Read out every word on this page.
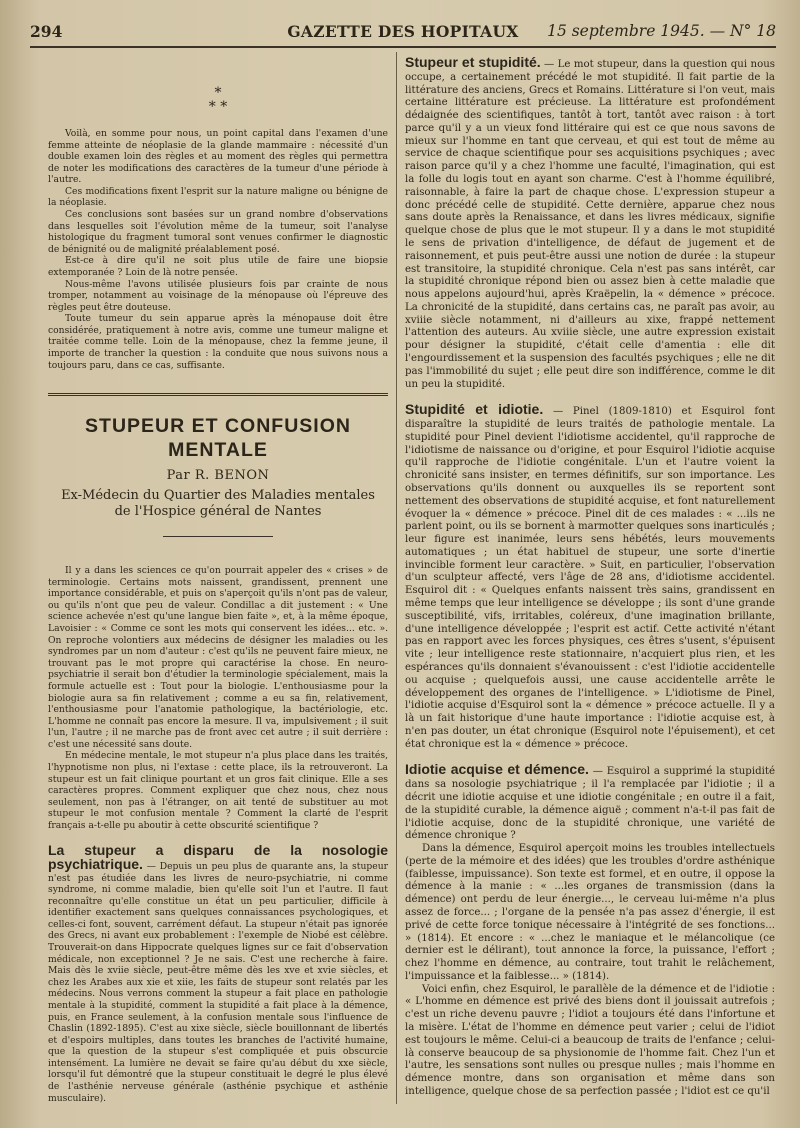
294	GAZETTE DES HOPITAUX	15 septembre 1945. — N° 18
*
* *

Voilà, en somme pour nous, un point capital dans l'examen d'une femme atteinte de néoplasie de la glande mammaire : nécessité d'un double examen loin des règles et au moment des règles qui permettra de noter les modifications des caractères de la tumeur d'une période à l'autre.

Ces modifications fixent l'esprit sur la nature maligne ou bénigne de la néoplasie.

Ces conclusions sont basées sur un grand nombre d'observations dans lesquelles soit l'évolution même de la tumeur, soit l'analyse histologique du fragment tumoral sont venues confirmer le diagnostic de bénignité ou de malignité préalablement posé.

Est-ce à dire qu'il ne soit plus utile de faire une biopsie extemporanée ? Loin de là notre pensée.

Nous-même l'avons utilisée plusieurs fois par crainte de nous tromper, notamment au voisinage de la ménopause où l'épreuve des règles peut être douteuse.

Toute tumeur du sein apparue après la ménopause doit être considérée, pratiquement à notre avis, comme une tumeur maligne et traitée comme telle. Loin de la ménopause, chez la femme jeune, il importe de trancher la question : la conduite que nous suivons nous a toujours paru, dans ce cas, suffisante.

STUPEUR ET CONFUSION MENTALE
Par R. BENON
Ex-Médecin du Quartier des Maladies mentales
de l'Hospice général de Nantes

Il y a dans les sciences ce qu'on pourrait appeler des « crises » de terminologie. Certains mots naissent, grandissent, prennent une importance considérable, et puis on s'aperçoit qu'ils n'ont pas de valeur, ou qu'ils n'ont que peu de valeur. Condillac a dit justement : « Une science achevée n'est qu'une langue bien faite », et, à la même époque, Lavoisier : « Comme ce sont les mots qui conservent les idées... etc. ». On reproche volontiers aux médecins de désigner les maladies ou les syndromes par un nom d'auteur : c'est qu'ils ne peuvent faire mieux, ne trouvant pas le mot propre qui caractérise la chose. En neuro-psychiatrie il serait bon d'étudier la terminologie spécialement, mais la formule actuelle est : Tout pour la biologie. L'enthousiasme pour la biologie aura sa fin relativement ; comme a eu sa fin, relativement, l'enthousiasme pour l'anatomie pathologique, la bactériologie, etc. L'homme ne connaît pas encore la mesure. Il va, impulsivement ; il suit l'un, l'autre ; il ne marche pas de front avec cet autre ; il suit derrière : c'est une nécessité sans doute.

En médecine mentale, le mot stupeur n'a plus place dans les traités, l'hypnotisme non plus, ni l'extase : cette place, ils la retrouveront. La stupeur est un fait clinique pourtant et un gros fait clinique. Elle a ses caractères propres. Comment expliquer que chez nous, chez nous seulement, non pas à l'étranger, on ait tenté de substituer au mot stupeur le mot confusion mentale ? Comment la clarté de l'esprit français a-t-elle pu aboutir à cette obscurité scientifique ?

La stupeur a disparu de la nosologie psychiatrique. — Depuis un peu plus de quarante ans, la stupeur n'est pas étudiée dans les livres de neuro-psychiatrie, ni comme syndrome, ni comme maladie, bien qu'elle soit l'un et l'autre. Il faut reconnaître qu'elle constitue un état un peu particulier, difficile à identifier exactement sans quelques connaissances psychologiques, et celles-ci font, souvent, carrément défaut. La stupeur n'était pas ignorée des Grecs, ni avant eux probablement : l'exemple de Niobé est célèbre. Trouverait-on dans Hippocrate quelques lignes sur ce fait d'observation médicale, non exceptionnel ? Je ne sais. C'est une recherche à faire. Mais dès le xviie siècle, peut-être même dès les xve et xvie siècles, et chez les Arabes aux xie et xiie, les faits de stupeur sont relatés par les médecins. Nous verrons comment la stupeur a fait place en pathologie mentale à la stupidité, comment la stupidité a fait place à la démence, puis, en France seulement, à la confusion mentale sous l'influence de Chaslin (1892-1895). C'est au xixe siècle, siècle bouillonnant de libertés et d'espoirs multiples, dans toutes les branches de l'activité humaine, que la question de la stupeur s'est compliquée et puis obscurcie intensément. La lumière ne devait se faire qu'au début du xxe siècle, lorsqu'il fut démontré que la stupeur constituait le degré le plus élevé de l'asthénie nerveuse générale (asthénie psychique et asthénie musculaire).

Stupeur et stupidité. — Le mot stupeur, dans la question qui nous occupe, a certainement précédé le mot stupidité. Il fait partie de la littérature des anciens, Grecs et Romains. Littérature si l'on veut, mais certaine littérature est précieuse. La littérature est profondément dédaignée des scientifiques, tantôt à tort, tantôt avec raison : à tort parce qu'il y a un vieux fond littéraire qui est ce que nous savons de mieux sur l'homme en tant que cerveau, et qui est tout de même au service de chaque scientifique pour ses acquisitions psychiques ; avec raison parce qu'il y a chez l'homme une faculté, l'imagination, qui est la folle du logis tout en ayant son charme. C'est à l'homme équilibré, raisonnable, à faire la part de chaque chose. L'expression stupeur a donc précédé celle de stupidité. Cette dernière, apparue chez nous sans doute après la Renaissance, et dans les livres médicaux, signifie quelque chose de plus que le mot stupeur. Il y a dans le mot stupidité le sens de privation d'intelligence, de défaut de jugement et de raisonnement, et puis peut-être aussi une notion de durée : la stupeur est transitoire, la stupidité chronique. Cela n'est pas sans intérêt, car la stupidité chronique répond bien ou assez bien à cette maladie que nous appelons aujourd'hui, après Kraëpelin, la « démence » précoce. La chronicité de la stupidité, dans certains cas, ne paraît pas avoir, au xviiie siècle notamment, ni d'ailleurs au xixe, frappé nettement l'attention des auteurs. Au xviiie siècle, une autre expression existait pour désigner la stupidité, c'était celle d'amentia : elle dit l'engourdissement et la suspension des facultés psychiques ; elle ne dit pas l'immobilité du sujet ; elle peut dire son indifférence, comme le dit un peu la stupidité.

Stupidité et idiotie. — Pinel (1809-1810) et Esquirol font disparaître la stupidité de leurs traités de pathologie mentale. La stupidité pour Pinel devient l'idiotisme accidentel, qu'il rapproche de l'idiotisme de naissance ou d'origine, et pour Esquirol l'idiotie acquise qu'il rapproche de l'idiotie congénitale. L'un et l'autre voient la chronicité sans insister, en termes définitifs, sur son importance. Les observations qu'ils donnent ou auxquelles ils se reportent sont nettement des observations de stupidité acquise, et font naturellement évoquer la « démence » précoce. Pinel dit de ces malades : « ...ils ne parlent point, ou ils se bornent à marmotter quelques sons inarticulés ; leur figure est inanimée, leurs sens hébétés, leurs mouvements automatiques ; un état habituel de stupeur, une sorte d'inertie invincible forment leur caractère. » Suit, en particulier, l'observation d'un sculpteur affecté, vers l'âge de 28 ans, d'idiotisme accidentel. Esquirol dit : « Quelques enfants naissent très sains, grandissent en même temps que leur intelligence se développe ; ils sont d'une grande susceptibilité, vifs, irritables, coléreux, d'une imagination brillante, d'une intelligence développée ; l'esprit est actif. Cette activité n'étant pas en rapport avec les forces physiques, ces êtres s'usent, s'épuisent vite ; leur intelligence reste stationnaire, n'acquiert plus rien, et les espérances qu'ils donnaient s'évanouissent : c'est l'idiotie accidentelle ou acquise ; quelquefois aussi, une cause accidentelle arrête le développement des organes de l'intelligence. » L'idiotisme de Pinel, l'idiotie acquise d'Esquirol sont la « démence » précoce actuelle. Il y a là un fait historique d'une haute importance : l'idiotie acquise est, à n'en pas douter, un état chronique (Esquirol note l'épuisement), et cet état chronique est la « démence » précoce.

Idiotie acquise et démence. — Esquirol a supprimé la stupidité dans sa nosologie psychiatrique ; il l'a remplacée par l'idiotie ; il a décrit une idiotie acquise et une idiotie congénitale ; en outre il a fait, de la stupidité curable, la démence aiguë ; comment n'a-t-il pas fait de l'idiotie acquise, donc de la stupidité chronique, une variété de démence chronique ?

Dans la démence, Esquirol aperçoit moins les troubles intellectuels (perte de la mémoire et des idées) que les troubles d'ordre asthénique (faiblesse, impuissance). Son texte est formel, et en outre, il oppose la démence à la manie : « ...les organes de transmission (dans la démence) ont perdu de leur énergie..., le cerveau lui-même n'a plus assez de force... ; l'organe de la pensée n'a pas assez d'énergie, il est privé de cette force tonique nécessaire à l'intégrité de ses fonctions... » (1814). Et encore : « ...chez le maniaque et le mélancolique (ce dernier est le délirant), tout annonce la force, la puissance, l'effort ; chez l'homme en démence, au contraire, tout trahit le relâchement, l'impuissance et la faiblesse... » (1814).

Voici enfin, chez Esquirol, le parallèle de la démence et de l'idiotie : « L'homme en démence est privé des biens dont il jouissait autrefois ; c'est un riche devenu pauvre ; l'idiot a toujours été dans l'infortune et la misère. L'état de l'homme en démence peut varier ; celui de l'idiot est toujours le même. Celui-ci a beaucoup de traits de l'enfance ; celui-là conserve beaucoup de sa physionomie de l'homme fait. Chez l'un et l'autre, les sensations sont nulles ou presque nulles ; mais l'homme en démence montre, dans son organisation et même dans son intelligence, quelque chose de sa perfection passée ; l'idiot est ce qu'il
